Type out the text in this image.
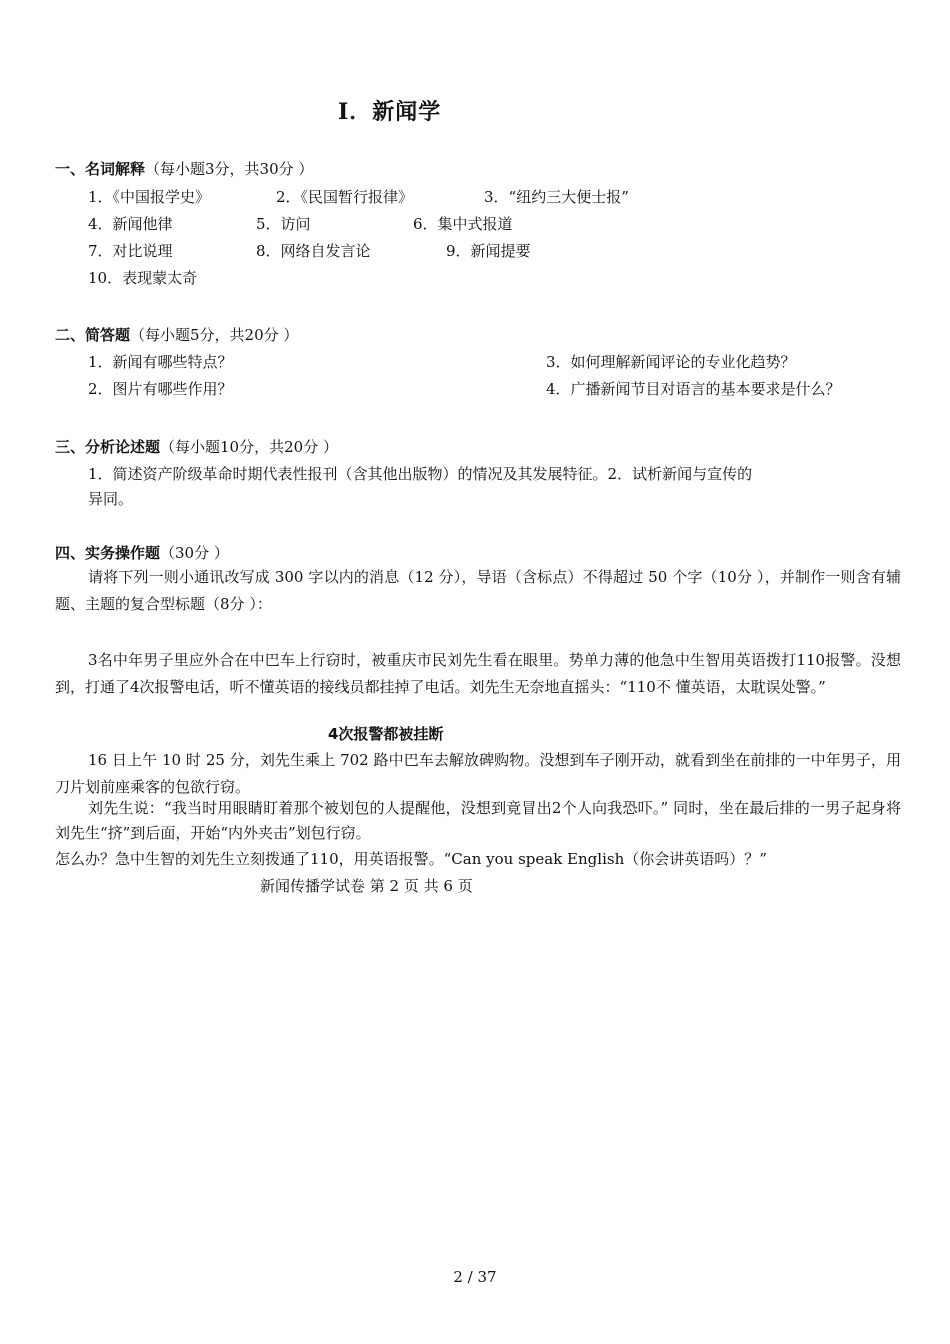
I．新闻学
一、名词解释（每小题3分，共30分 ）
1．《中国报学史》	2．《民国暂行报律》	3．“纽约三大便士报”
4．新闻他律	5．访问	6．集中式报道
7．对比说理	8．网络自发言论	9．新闻提要
10．表现蒙太奇
二、简答题（每小题5分，共20分 ）
1．新闻有哪些特点？	3．如何理解新闻评论的专业化趋势？
2．图片有哪些作用？	4．广播新闻节目对语言的基本要求是什么？
三、分析论述题（每小题10分，共20分 ）
1．简述资产阶级革命时期代表性报刊（含其他出版物）的情况及其发展特征。2．试析新闻与宣传的
异同。
四、实务操作题（30分 ）
请将下列一则小通讯改写成 300 字以内的消息（12 分），导语（含标点）不得超过 50 个字（10分 ），并制作一则含有辅题、主题的复合型标题（8分 ）：
3名中年男子里应外合在中巴车上行窃时，被重庆市民刘先生看在眼里。势单力薄的他急中生智用英语拨打110报警。没想到，打通了4次报警电话，听不懂英语的接线员都挂掉了电话。刘先生无奈地直摇头：“110不 懂英语，太耽误处警。”
4次报警都被挂断
16 日上午 10 时 25 分，刘先生乘上 702 路中巴车去解放碑购物。没想到车子刚开动，就看到坐在前排的一中年男子，用刀片划前座乘客的包欲行窃。
刘先生说：“我当时用眼睛盯着那个被划包的人提醒他，没想到竟冒出2个人向我恐吓。” 同时，坐在最后排的一男子起身将刘先生“挤”到后面，开始“内外夹击”划包行窃。
怎么办？急中生智的刘先生立刻拨通了110，用英语报警。“Can you speak English（你会讲英语吗）？”
新闻传播学试卷 第 2 页 共 6 页
2 / 37
